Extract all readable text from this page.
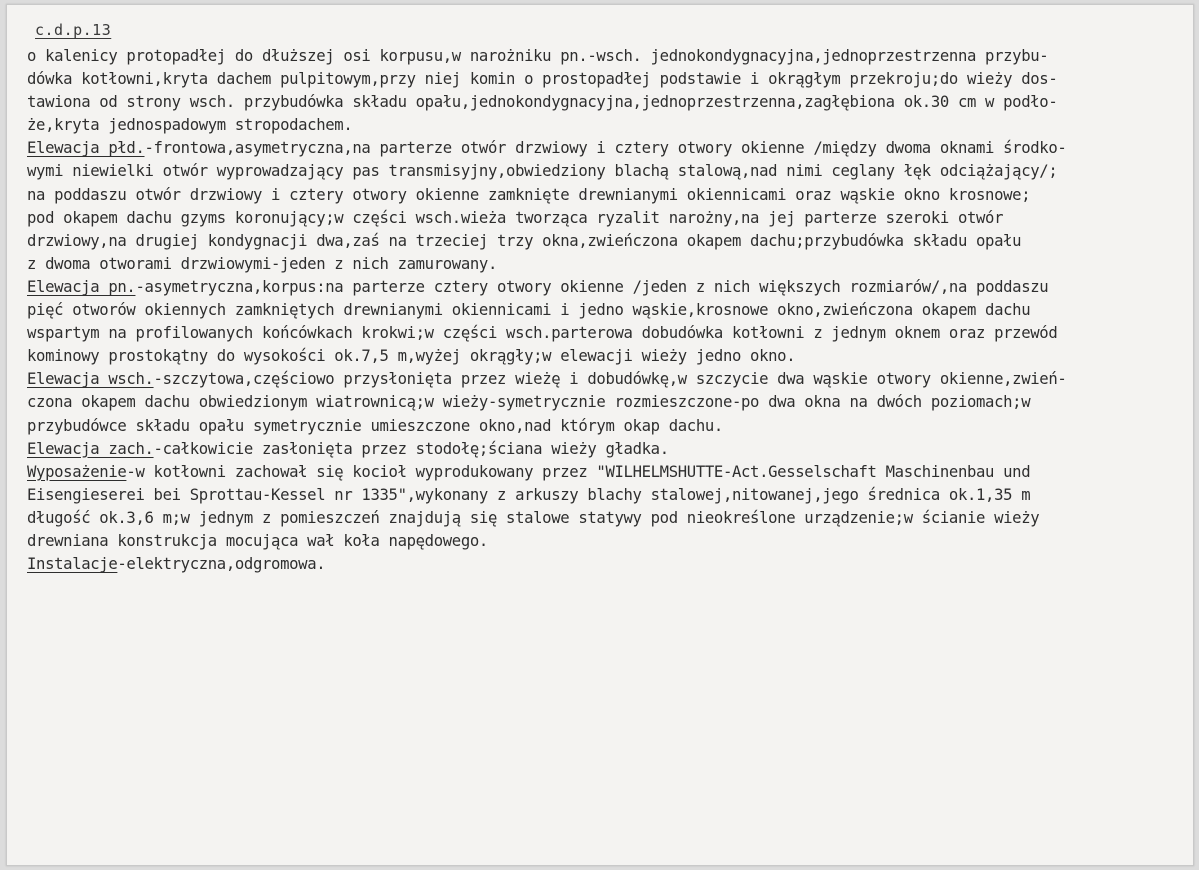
c.d.p.13
o kalenicy protopadłej do dłuższej osi korpusu,w narożniku pn.-wsch. jednokondygnacyjna,jednoprzestrzenna przybu-
dówka kotłowni,kryta dachem pulpitowym,przy niej komin o prostopadłej podstawie i okrągłym przekroju;do wieży dos-
tawiona od strony wsch. przybudówka składu opału,jednokondygnacyjna,jednoprzestrzenna,zagłębiona ok.30 cm w podło-
że,kryta jednospadowym stropodachem.
Elewacja płd.-frontowa,asymetryczna,na parterze otwór drzwiowy i cztery otwory okienne /między dwoma oknami środko-
wymi niewielki otwór wyprowadzający pas transmisyjny,obwiedziony blachą stalową,nad nimi ceglany łęk odciążający/;
na poddaszu otwór drzwiowy i cztery otwory okienne zamknięte drewnianymi okiennicami oraz wąskie okno krosnowe;
pod okapem dachu gzyms koronujący;w części wsch.wieża tworząca ryzalit narożny,na jej parterze szeroki otwór
drzwiowy,na drugiej kondygnacji dwa,zaś na trzeciej trzy okna,zwieńczona okapem dachu;przybudówka składu opału
z dwoma otworami drzwiowymi-jeden z nich zamurowany.
Elewacja pn.-asymetryczna,korpus:na parterze cztery otwory okienne /jeden z nich większych rozmiarów/,na poddaszu
pięć otworów okiennych zamkniętych drewnianymi okiennicami i jedno wąskie,krosnowe okno,zwieńczona okapem dachu
wspartym na profilowanych końcówkach krokwi;w części wsch.parterowa dobudówka kotłowni z jednym oknem oraz przewód
kominowy prostokątny do wysokości ok.7,5 m,wyżej okrągły;w elewacji wieży jedno okno.
Elewacja wsch.-szczytowa,częściowo przysłonięta przez wieżę i dobudówkę,w szczycie dwa wąskie otwory okienne,zwień-
czona okapem dachu obwiedzionym wiatrownicą;w wieży-symetrycznie rozmieszczone-po dwa okna na dwóch poziomach;w
przybudówce składu opału symetrycznie umieszczone okno,nad którym okap dachu.
Elewacja zach.-całkowicie zasłonięta przez stodołę;ściana wieży gładka.
Wyposażenie-w kotłowni zachował się kocioł wyprodukowany przez "WILHELMSHUTTE-Act.Gesselschaft Maschinenbau und
Eisengieserei bei Sprottau-Kessel nr 1335",wykonany z arkuszy blachy stalowej,nitowanej,jego średnica ok.1,35 m
długość ok.3,6 m;w jednym z pomieszczeń znajdują się stalowe statywy pod nieokreślone urządzenie;w ścianie wieży
drewniana konstrukcja mocująca wał koła napędowego.
Instalacje-elektryczna,odgromowa.
